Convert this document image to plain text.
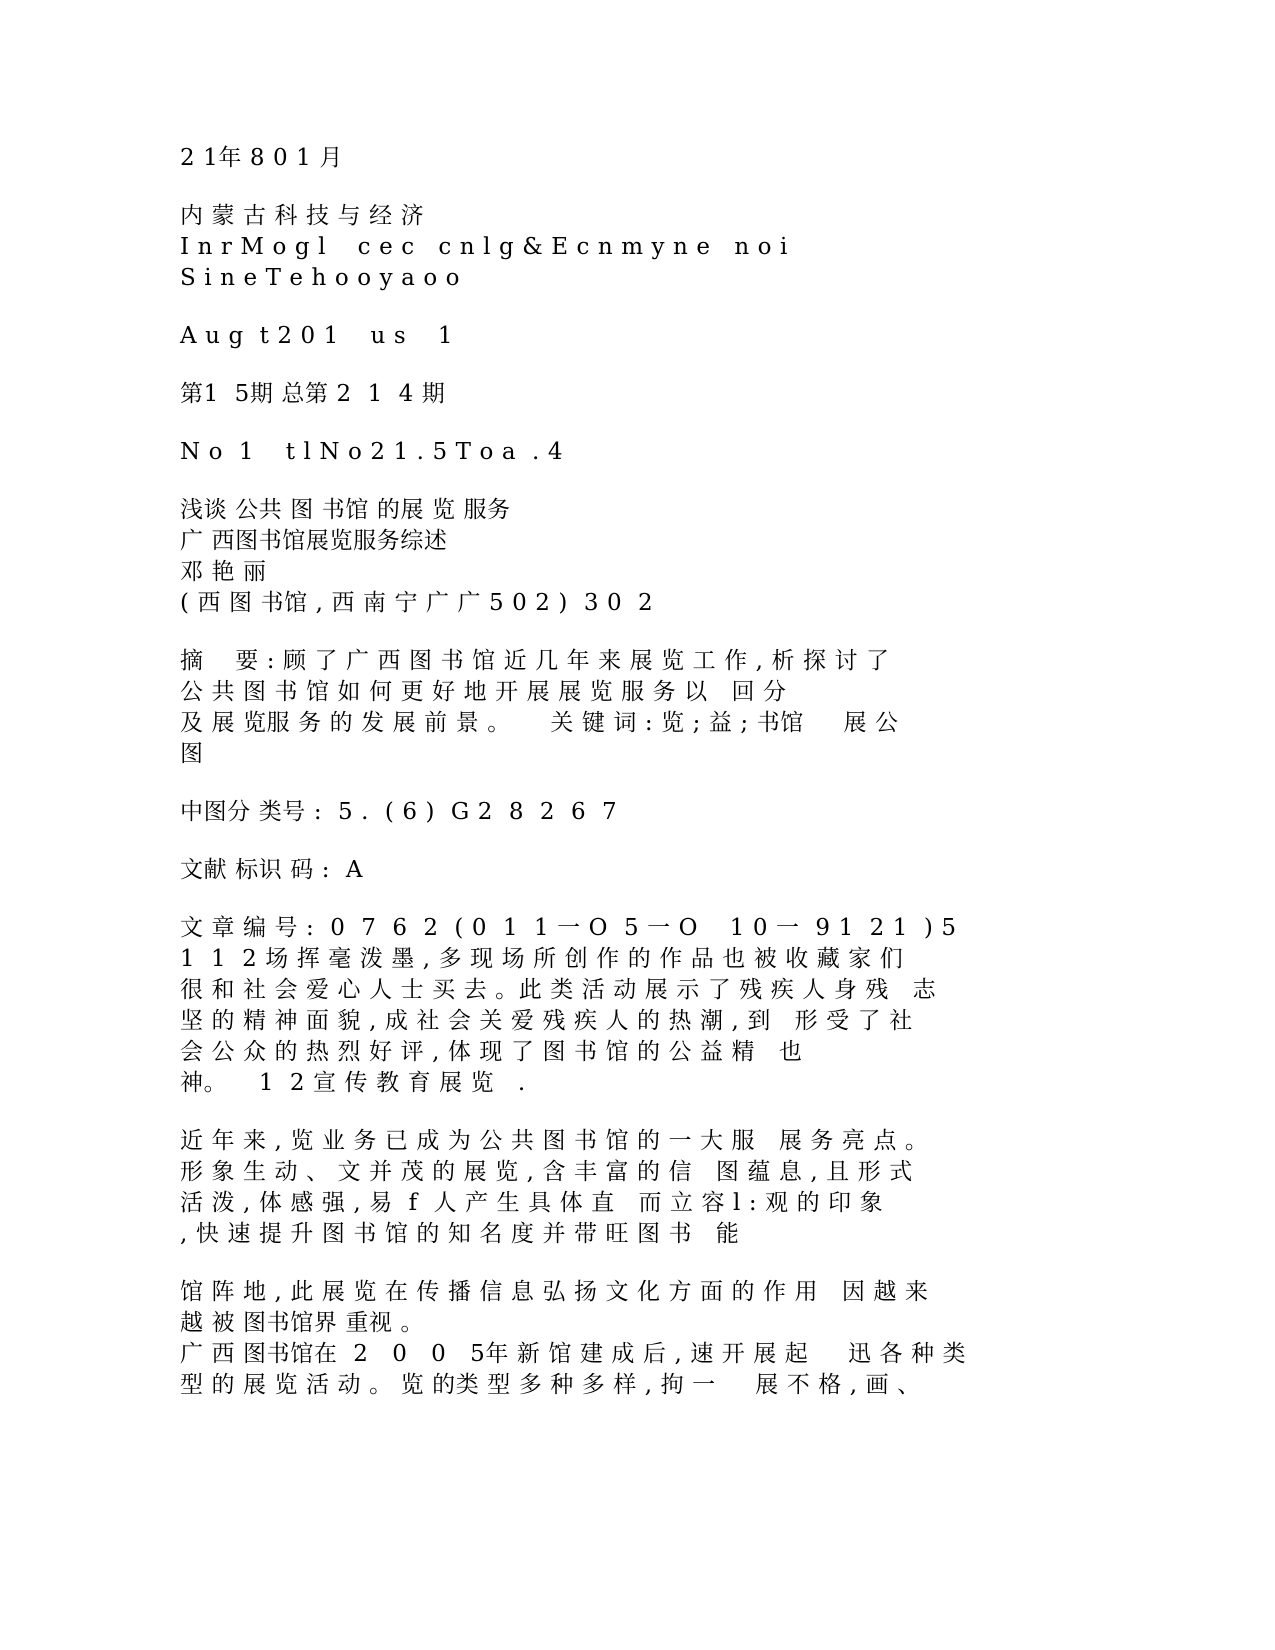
2 1年 8 0 1 月

内 蒙 古 科 技 与 经 济

I n r M o g l    c e c   c n l g & E c n m y n e   n o i

S i n e T e h o o y a o o

A u g  t 2 0 1    u s    1

第1  5期 总第 2  1  4 期

N o  1    t l N o 2 1 . 5 T o a  . 4

浅谈 公共 图 书馆 的展 览 服务

广 西图书馆展览服务综述

邓 艳 丽

( 西 图 书馆 , 西 南 宁 广 广 5 0 2 )  3 0  2

摘    要 : 顾 了 广 西 图 书 馆 近 几 年 来 展 览 工 作 , 析 探 讨 了

公 共 图 书 馆 如 何 更 好 地 开 展 展 览 服 务 以   回 分

及 展 览服 务 的 发 展 前 景 。     关 键 词 : 览 ; 益 ; 书馆     展 公

图

中图分 类号 :  5 .  ( 6 )  G 2  8  2  6  7

文献 标识 码 :  A

文 章 编 号 :  0  7  6  2  ( 0  1  1 一 O  5 一 O    1 0 一  9 1  2 1  ) 5

1  1  2 场 挥 毫 泼 墨 , 多 现 场 所 创 作 的 作 品 也 被 收 藏 家 们

很 和 社 会 爱 心 人 士 买 去 。此 类 活 动 展 示 了 残 疾 人 身 残   志

坚 的 精 神 面 貌 , 成 社 会 关 爱 残 疾 人 的 热 潮 , 到   形 受 了 社

会 公 众 的 热 烈 好 评 , 体 现 了 图 书 馆 的 公 益 精   也

神。    1  2 宣 传 教 育 展 览   .

近 年 来 , 览 业 务 已 成 为 公 共 图 书 馆 的 一 大 服   展 务 亮 点 。

形 象 生 动 、 文 并 茂 的 展 览 , 含 丰 富 的 信   图 蕴 息 , 且 形 式

活 泼 , 体 感 强 , 易  f  人 产 生 具 体 直   而 立 容 l : 观 的 印 象

, 快 速 提 升 图 书 馆 的 知 名 度 并 带 旺 图 书   能

馆 阵 地 , 此 展 览 在 传 播 信 息 弘 扬 文 化 方 面 的 作 用   因 越 来

越 被 图书馆界 重视 。

广 西 图书馆在  2   0   0   5年 新 馆 建 成 后 , 速 开 展 起     迅 各 种 类

型 的 展 览 活 动 。 览 的类 型 多 种 多 样 , 拘 一     展 不 格 , 画 、
